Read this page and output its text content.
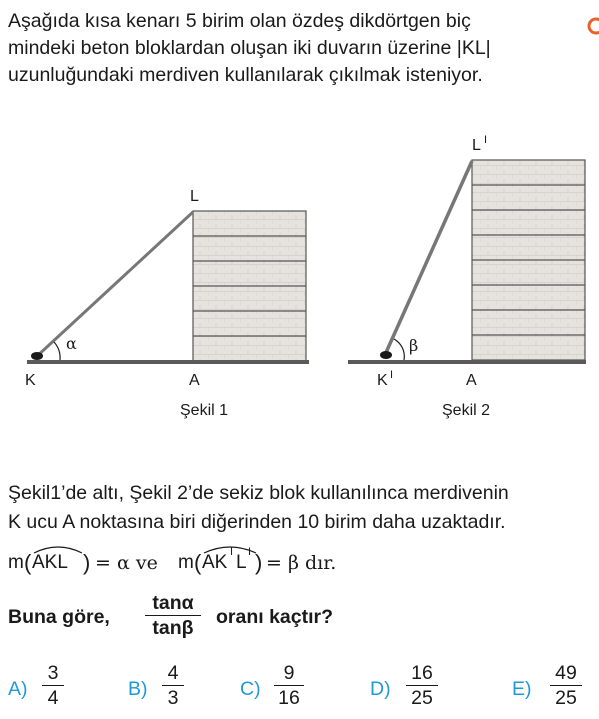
Aşağıda kısa kenarı 5 birim olan özdeş dikdörtgen biç
mindeki beton bloklardan oluşan iki duvarın üzerine |KL|
uzunluğundaki merdiven kullanılarak çıkılmak isteniyor.
K	A
L
α
Şekil 1
K I	A
L I
β
Şekil 2
Şekil1’de altı, Şekil 2’de sekiz blok kullanılınca merdivenin
K ucu A noktasına biri diğerinden 10 birim daha uzaktadır.
m ( AKL ) = α ve m ( AK I L I ) = β dır.
Buna göre,
tanα
tanβ	oranı kaçtır?
A)
3
4	B)
4
3	C)
9
16	D)
16
25	E)
49
25
